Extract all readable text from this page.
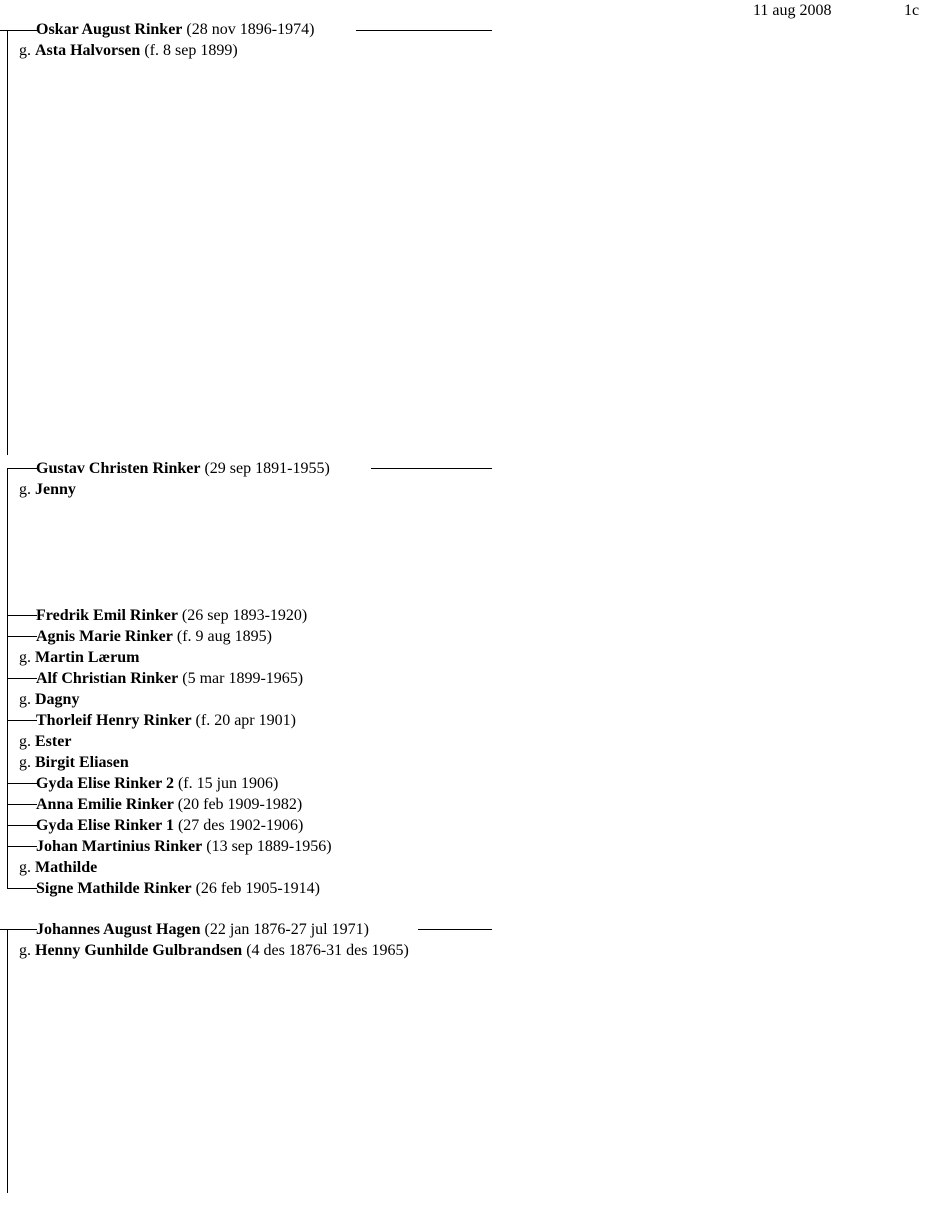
11 aug 2008	1c
Oskar August Rinker (28 nov 1896-1974)
g. Asta Halvorsen (f. 8 sep 1899)
Gustav Christen Rinker (29 sep 1891-1955)
g. Jenny
Fredrik Emil Rinker (26 sep 1893-1920)
Agnis Marie Rinker (f. 9 aug 1895)
g. Martin Lærum
Alf Christian Rinker (5 mar 1899-1965)
g. Dagny
Thorleif Henry Rinker (f. 20 apr 1901)
g. Ester
g. Birgit Eliasen
Gyda Elise Rinker 2 (f. 15 jun 1906)
Anna Emilie Rinker (20 feb 1909-1982)
Gyda Elise Rinker 1 (27 des 1902-1906)
Johan Martinius Rinker (13 sep 1889-1956)
g. Mathilde
Signe Mathilde Rinker (26 feb 1905-1914)
Johannes August Hagen (22 jan 1876-27 jul 1971)
g. Henny Gunhilde Gulbrandsen (4 des 1876-31 des 1965)
